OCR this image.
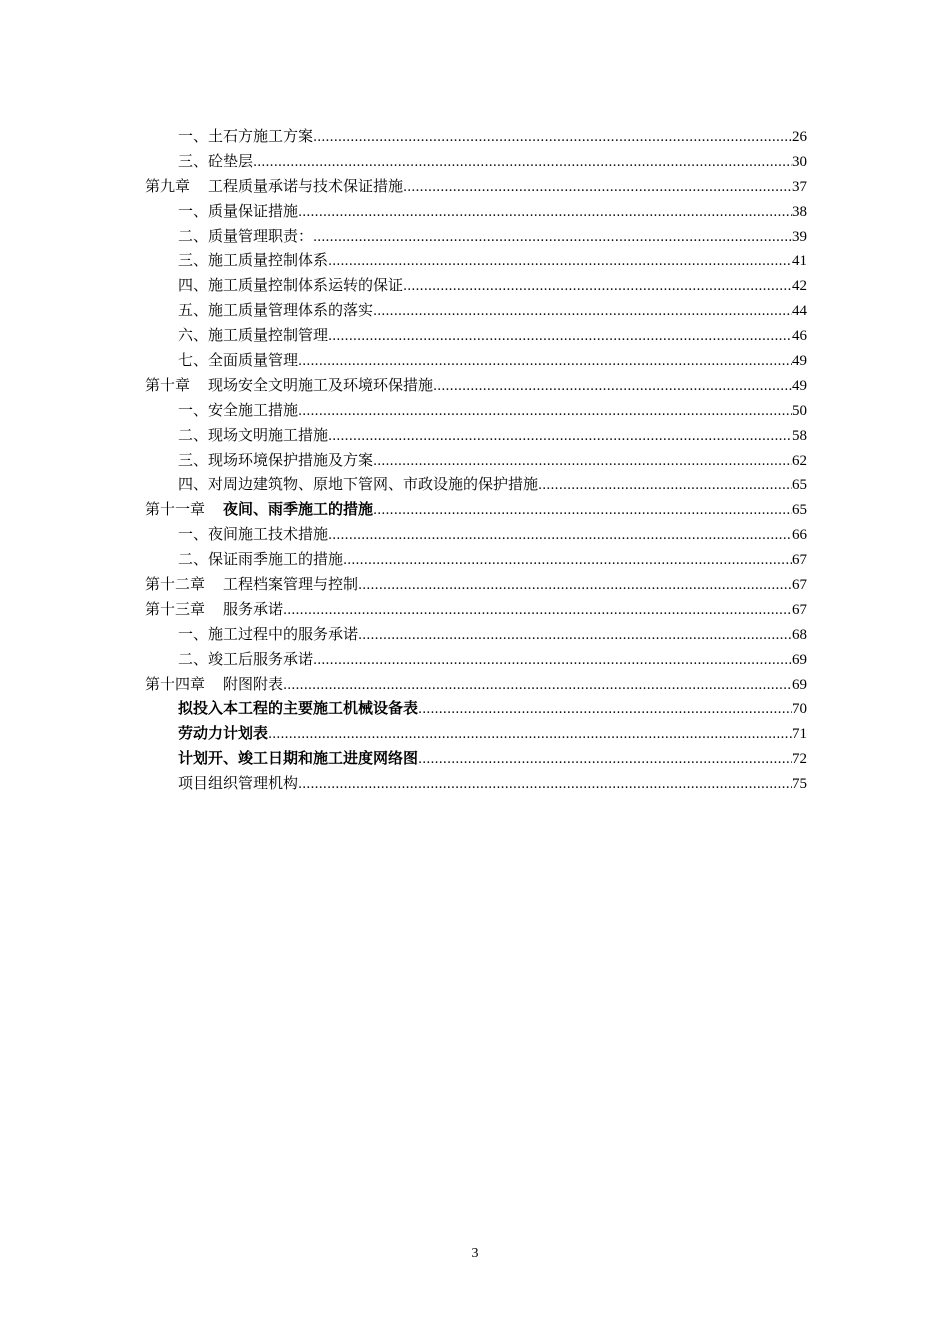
一、土石方施工方案 .....	26
三、砼垫层 .....	30
第九章 工程质量承诺与技术保证措施 .....	37
一、质量保证措施 .....	38
二、质量管理职责： .....	39
三、施工质量控制体系 .....	41
四、施工质量控制体系运转的保证 .....	42
五、施工质量管理体系的落实 .....	44
六、施工质量控制管理 .....	46
七、全面质量管理 .....	49
第十章 现场安全文明施工及环境环保措施 .....	49
一、安全施工措施 .....	50
二、现场文明施工措施 .....	58
三、现场环境保护措施及方案 .....	62
四、对周边建筑物、原地下管网、市政设施的保护措施 .....	65
第十一章 夜间、雨季施工的措施 .....	65
一、夜间施工技术措施 .....	66
二、保证雨季施工的措施 .....	67
第十二章 工程档案管理与控制 .....	67
第十三章 服务承诺 .....	67
一、施工过程中的服务承诺 .....	68
二、竣工后服务承诺 .....	69
第十四章 附图附表 .....	69
拟投入本工程的主要施工机械设备表 .....	70
劳动力计划表 .....	71
计划开、竣工日期和施工进度网络图 .....	72
项目组织管理机构 .....	75
3
